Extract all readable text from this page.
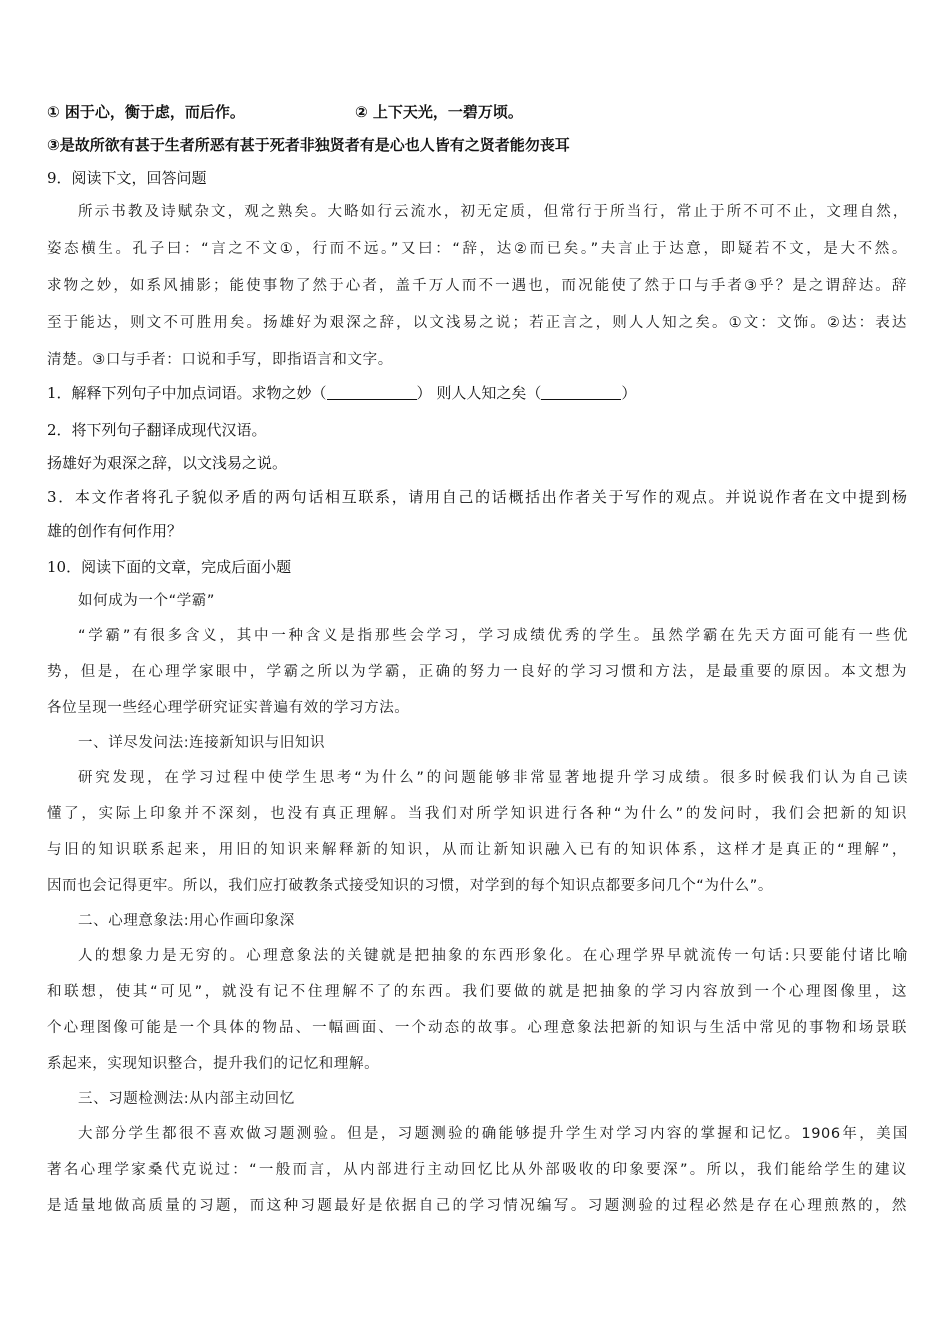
① 困于心，衡于虑，而后作。	② 上下天光，一碧万顷。
③是故所欲有甚于生者所恶有甚于死者非独贤者有是心也人皆有之贤者能勿丧耳
9．阅读下文，回答问题
所示书教及诗赋杂文，观之熟矣。大略如行云流水，初无定质，但常行于所当行，常止于所不可不止，文理自然，
姿态横生。孔子曰：“言之不文①，行而不远。”又曰：“辞，达②而已矣。”夫言止于达意，即疑若不文，是大不然。
求物之妙，如系风捕影；能使事物了然于心者，盖千万人而不一遇也，而况能使了然于口与手者③乎？是之谓辞达。辞
至于能达，则文不可胜用矣。扬雄好为艰深之辞，以文浅易之说；若正言之，则人人知之矣。①文：文饰。②达：表达
清楚。③口与手者：口说和手写，即指语言和文字。
1．解释下列句子中加点词语。求物之妙（	） 则人人知之矣（	）
2．将下列句子翻译成现代汉语。
扬雄好为艰深之辞，以文浅易之说。
3．本文作者将孔子貌似矛盾的两句话相互联系，请用自己的话概括出作者关于写作的观点。并说说作者在文中提到杨
雄的创作有何作用？
10．阅读下面的文章，完成后面小题
如何成为一个“学霸”
“学霸”有很多含义，其中一种含义是指那些会学习，学习成绩优秀的学生。虽然学霸在先天方面可能有一些优
势，但是，在心理学家眼中，学霸之所以为学霸，正确的努力一良好的学习习惯和方法，是最重要的原因。本文想为
各位呈现一些经心理学研究证实普遍有效的学习方法。
一、详尽发问法:连接新知识与旧知识
研究发现，在学习过程中使学生思考“为什么”的问题能够非常显著地提升学习成绩。很多时候我们认为自己读
懂了，实际上印象并不深刻，也没有真正理解。当我们对所学知识进行各种“为什么”的发问时，我们会把新的知识
与旧的知识联系起来，用旧的知识来解释新的知识，从而让新知识融入已有的知识体系，这样才是真正的“理解”，
因而也会记得更牢。所以，我们应打破教条式接受知识的习惯，对学到的每个知识点都要多问几个“为什么”。
二、心理意象法:用心作画印象深
人的想象力是无穷的。心理意象法的关键就是把抽象的东西形象化。在心理学界早就流传一句话:只要能付诸比喻
和联想，使其“可见”，就没有记不住理解不了的东西。我们要做的就是把抽象的学习内容放到一个心理图像里，这
个心理图像可能是一个具体的物品、一幅画面、一个动态的故事。心理意象法把新的知识与生活中常见的事物和场景联
系起来，实现知识整合，提升我们的记忆和理解。
三、习题检测法:从内部主动回忆
大部分学生都很不喜欢做习题测验。但是，习题测验的确能够提升学生对学习内容的掌握和记忆。1906年，美国
著名心理学家桑代克说过：“一般而言，从内部进行主动回忆比从外部吸收的印象要深”。所以，我们能给学生的建议
是适量地做高质量的习题，而这种习题最好是依据自己的学习情况编写。习题测验的过程必然是存在心理煎熬的，然
